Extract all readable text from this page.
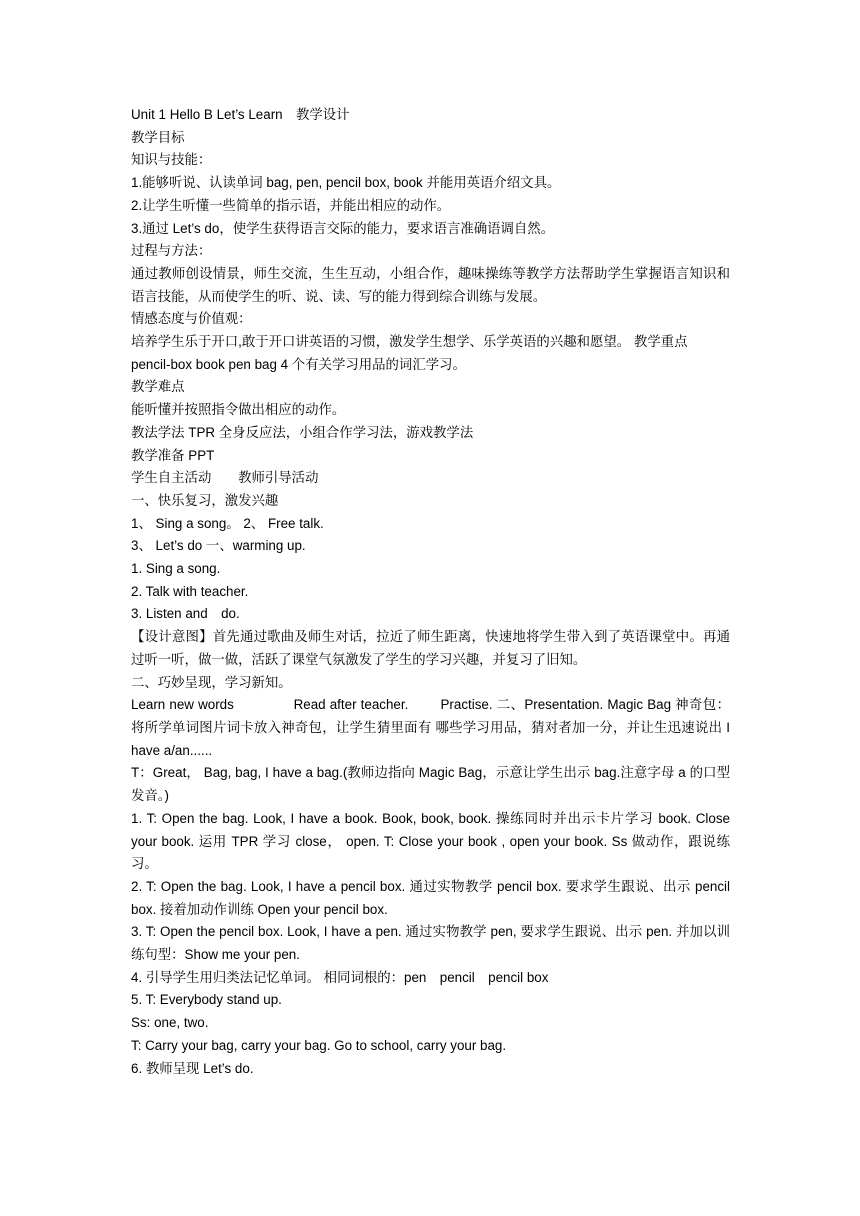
Unit 1 Hello B Let’s Learn　教学设计
教学目标
知识与技能：
1.能够听说、认读单词 bag, pen, pencil box, book 并能用英语介绍文具。
2.让学生听懂一些简单的指示语，并能出相应的动作。
3.通过 Let’s do，使学生获得语言交际的能力，要求语言准确语调自然。
过程与方法：
通过教师创设情景，师生交流，生生互动，小组合作，趣味操练等教学方法帮助学生掌握语言知识和语言技能，从而使学生的听、说、读、写的能力得到综合训练与发展。
情感态度与价值观：
培养学生乐于开口,敢于开口讲英语的习惯，激发学生想学、乐学英语的兴趣和愿望。 教学重点
pencil-box book pen bag 4 个有关学习用品的词汇学习。
教学难点
能听懂并按照指令做出相应的动作。
教法学法 TPR 全身反应法，小组合作学习法，游戏教学法
教学准备 PPT
学生自主活动　　教师引导活动
一、快乐复习，激发兴趣
1、 Sing a song。 2、 Free talk.
3、 Let’s do 一、warming up.
1. Sing a song.
2. Talk with teacher.
3. Listen and　do.
【设计意图】首先通过歌曲及师生对话，拉近了师生距离，快速地将学生带入到了英语课堂中。再通过听一听，做一做，活跃了课堂气氛激发了学生的学习兴趣，并复习了旧知。
二、巧妙呈现，学习新知。
Learn new words　　　　 Read after teacher.　　 Practise. 二、Presentation. Magic Bag 神奇包： 将所学单词图片词卡放入神奇包，让学生猜里面有 哪些学习用品，猜对者加一分，并让生迅速说出 I have a/an......
T：Great， Bag, bag, I have a bag.(教师边指向 Magic Bag，示意让学生出示 bag.注意字母 a 的口型发音。)
1. T: Open the bag. Look, I have a book. Book, book, book. 操练同时并出示卡片学习 book. Close your book. 运用 TPR 学习 close， open. T: Close your book , open your book. Ss 做动作，跟说练习。
2. T: Open the bag. Look, I have a pencil box. 通过实物教学 pencil box. 要求学生跟说、出示 pencil box. 接着加动作训练 Open your pencil box.
3. T: Open the pencil box. Look, I have a pen. 通过实物教学 pen, 要求学生跟说、出示 pen. 并加以训练句型：Show me your pen.
4. 引导学生用归类法记忆单词。 相同词根的：pen　pencil　pencil box
5. T: Everybody stand up.
Ss: one, two.
T: Carry your bag, carry your bag. Go to school, carry your bag.
6. 教师呈现 Let’s do.
